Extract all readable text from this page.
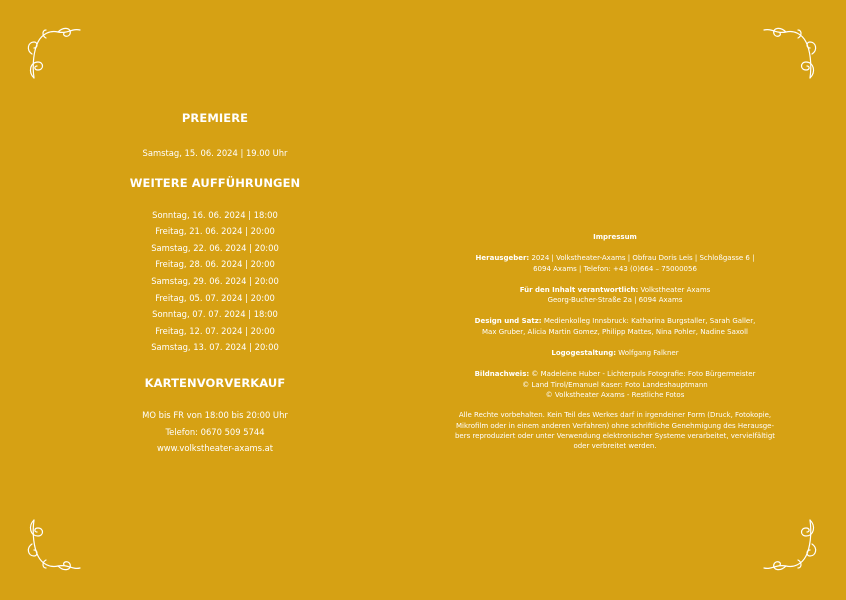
PREMIERE

Samstag, 15. 06. 2024 | 19.00 Uhr

WEITERE AUFFÜHRUNGEN

Sonntag, 16. 06. 2024 | 18:00

Freitag, 21. 06. 2024 | 20:00

Samstag, 22. 06. 2024 | 20:00

Freitag, 28. 06. 2024 | 20:00

Samstag, 29. 06. 2024 | 20:00

Freitag, 05. 07. 2024 | 20:00

Sonntag, 07. 07. 2024 | 18:00

Freitag, 12. 07. 2024 | 20:00

Samstag, 13. 07. 2024 | 20:00

KARTENVORVERKAUF

MO bis FR von 18:00 bis 20:00 Uhr

Telefon: 0670 509 5744

www.volkstheater-axams.at

Impressum

Herausgeber: 2024 | Volkstheater-Axams | Obfrau Doris Leis | Schloßgasse 6 |

6094 Axams | Telefon: +43 (0)664 – 75000056

Für den Inhalt verantwortlich: Volkstheater Axams

Georg-Bucher-Straße 2a | 6094 Axams

Design und Satz: Medienkolleg Innsbruck: Katharina Burgstaller, Sarah Galler,

Max Gruber, Alicia Martin Gomez, Philipp Mattes, Nina Pohler, Nadine Saxoll

Logogestaltung: Wolfgang Falkner

Bildnachweis: © Madeleine Huber - Lichterpuls Fotografie: Foto Bürgermeister

© Land Tirol/Emanuel Kaser: Foto Landeshauptmann

© Volkstheater Axams - Restliche Fotos

Alle Rechte vorbehalten. Kein Teil des Werkes darf in irgendeiner Form (Druck, Fotokopie,

Mikrofilm oder in einem anderen Verfahren) ohne schriftliche Genehmigung des Herausge-

bers reproduziert oder unter Verwendung elektronischer Systeme verarbeitet, vervielfältigt

oder verbreitet werden.
